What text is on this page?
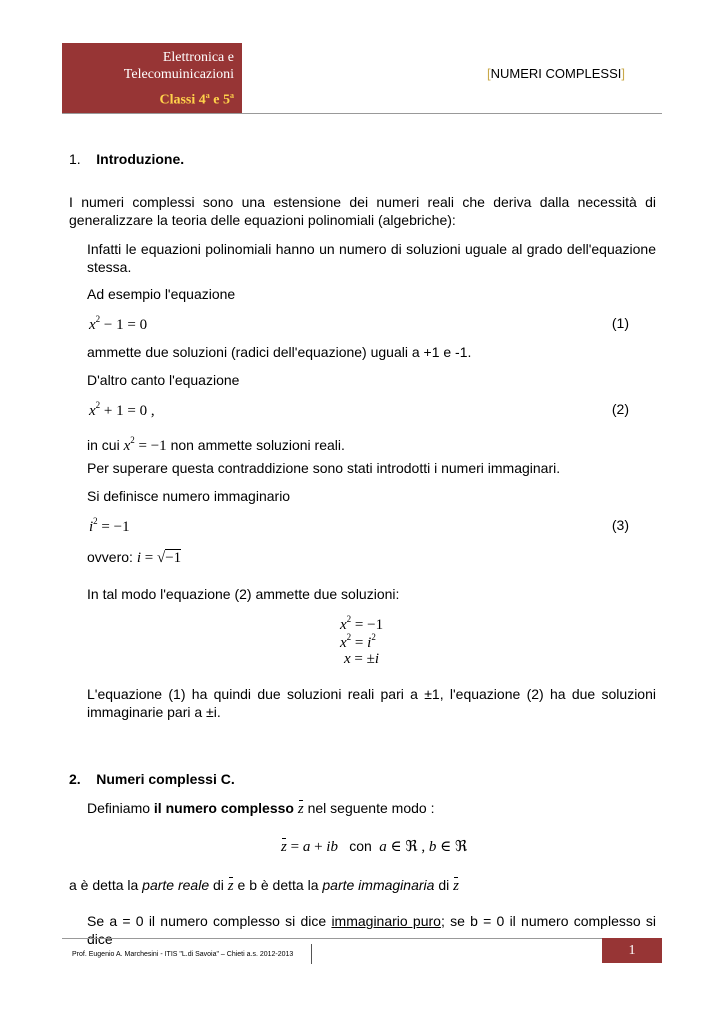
Elettronica e
Telecomuinicazioni
Classi 4$^a$ e 5$^a$
[NUMERI COMPLESSI]
1. Introduzione.
I numeri complessi sono una estensione dei numeri reali che deriva dalla necessità di generalizzare la teoria delle equazioni polinomiali (algebriche):
Infatti le equazioni polinomiali hanno un numero di soluzioni uguale al grado dell'equazione stessa.
Ad esempio l'equazione
$x^2 - 1 = 0$	(1)
ammette due soluzioni (radici dell'equazione) uguali a +1 e -1.
D'altro canto l'equazione
$x^2 + 1 = 0$ ,	(2)
in cui $x^2 = -1$ non ammette soluzioni reali.
Per superare questa contraddizione sono stati introdotti i numeri immaginari.
Si definisce numero immaginario
$i^2 = -1$	(3)
ovvero: i = √−1
In tal modo l'equazione (2) ammette due soluzioni:
$x^2 = -1$
$x^2 = i^2$
x = ±i
L'equazione (1) ha quindi due soluzioni reali pari a ±1, l'equazione (2) ha due soluzioni immaginarie pari a ±i.
2. Numeri complessi C.
Definiamo il numero complesso z nel seguente modo :
z = a + ib   con  a ∈ ℜ , b ∈ ℜ
a è detta la parte reale di z e b è detta la parte immaginaria di z
Se a = 0 il numero complesso si dice immaginario puro; se b = 0 il numero complesso si dice
Prof. Eugenio A. Marchesini - ITIS "L.di Savoia" – Chieti a.s. 2012-2013	1
